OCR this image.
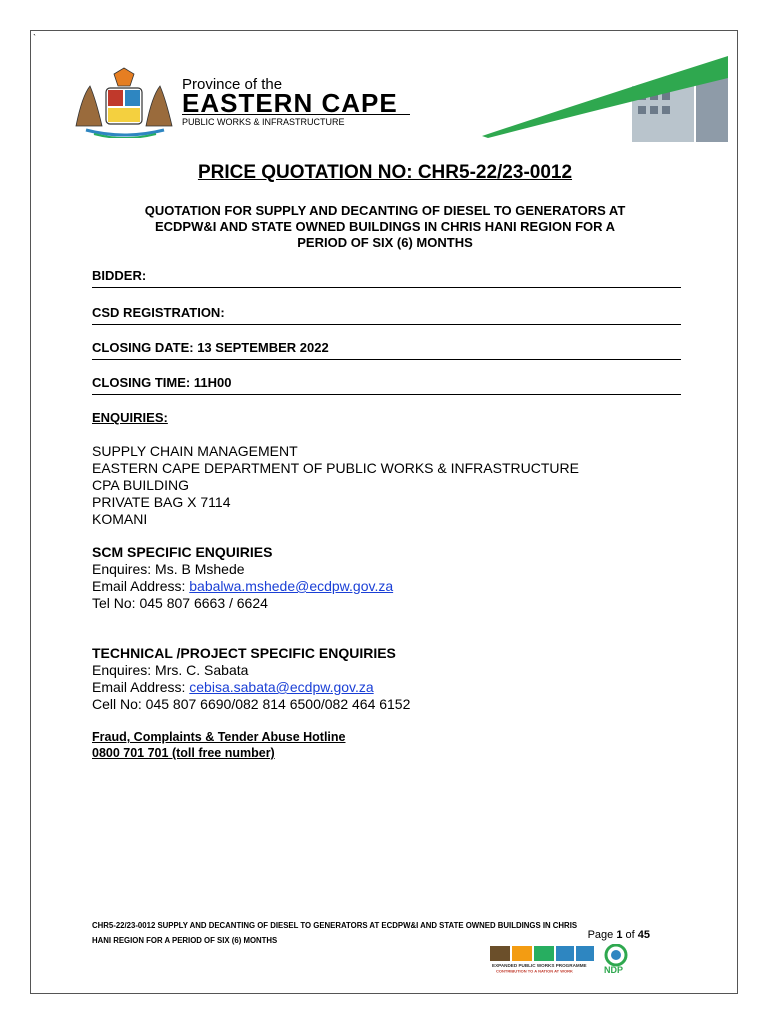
`
Province of the
EASTERN CAPE
PUBLIC WORKS & INFRASTRUCTURE
PRICE QUOTATION NO: CHR5-22/23-0012
QUOTATION FOR SUPPLY AND DECANTING OF DIESEL TO GENERATORS AT
ECDPW&I AND STATE OWNED BUILDINGS IN CHRIS HANI REGION FOR A
PERIOD OF SIX (6) MONTHS
BIDDER:
CSD REGISTRATION:
CLOSING DATE: 13 SEPTEMBER 2022
CLOSING TIME: 11H00
ENQUIRIES:
SUPPLY CHAIN MANAGEMENT
EASTERN CAPE DEPARTMENT OF PUBLIC WORKS & INFRASTRUCTURE
CPA BUILDING
PRIVATE BAG X 7114
KOMANI
SCM SPECIFIC ENQUIRIES
Enquires: Ms. B Mshede
Email Address: babalwa.mshede@ecdpw.gov.za
Tel No: 045 807 6663 / 6624
TECHNICAL /PROJECT SPECIFIC ENQUIRIES
Enquires: Mrs. C. Sabata
Email Address: cebisa.sabata@ecdpw.gov.za
Cell No: 045 807 6690/082 814 6500/082 464 6152
Fraud, Complaints & Tender Abuse Hotline
0800 701 701 (toll free number)
CHR5-22/23-0012 SUPPLY AND DECANTING OF DIESEL TO GENERATORS AT ECDPW&I AND STATE OWNED BUILDINGS IN CHRIS
HANI REGION FOR A PERIOD OF SIX (6) MONTHS	Page 1 of 45
EXPANDED PUBLIC WORKS PROGRAMME
CONTRIBUTION TO A NATION AT WORK	NDP
